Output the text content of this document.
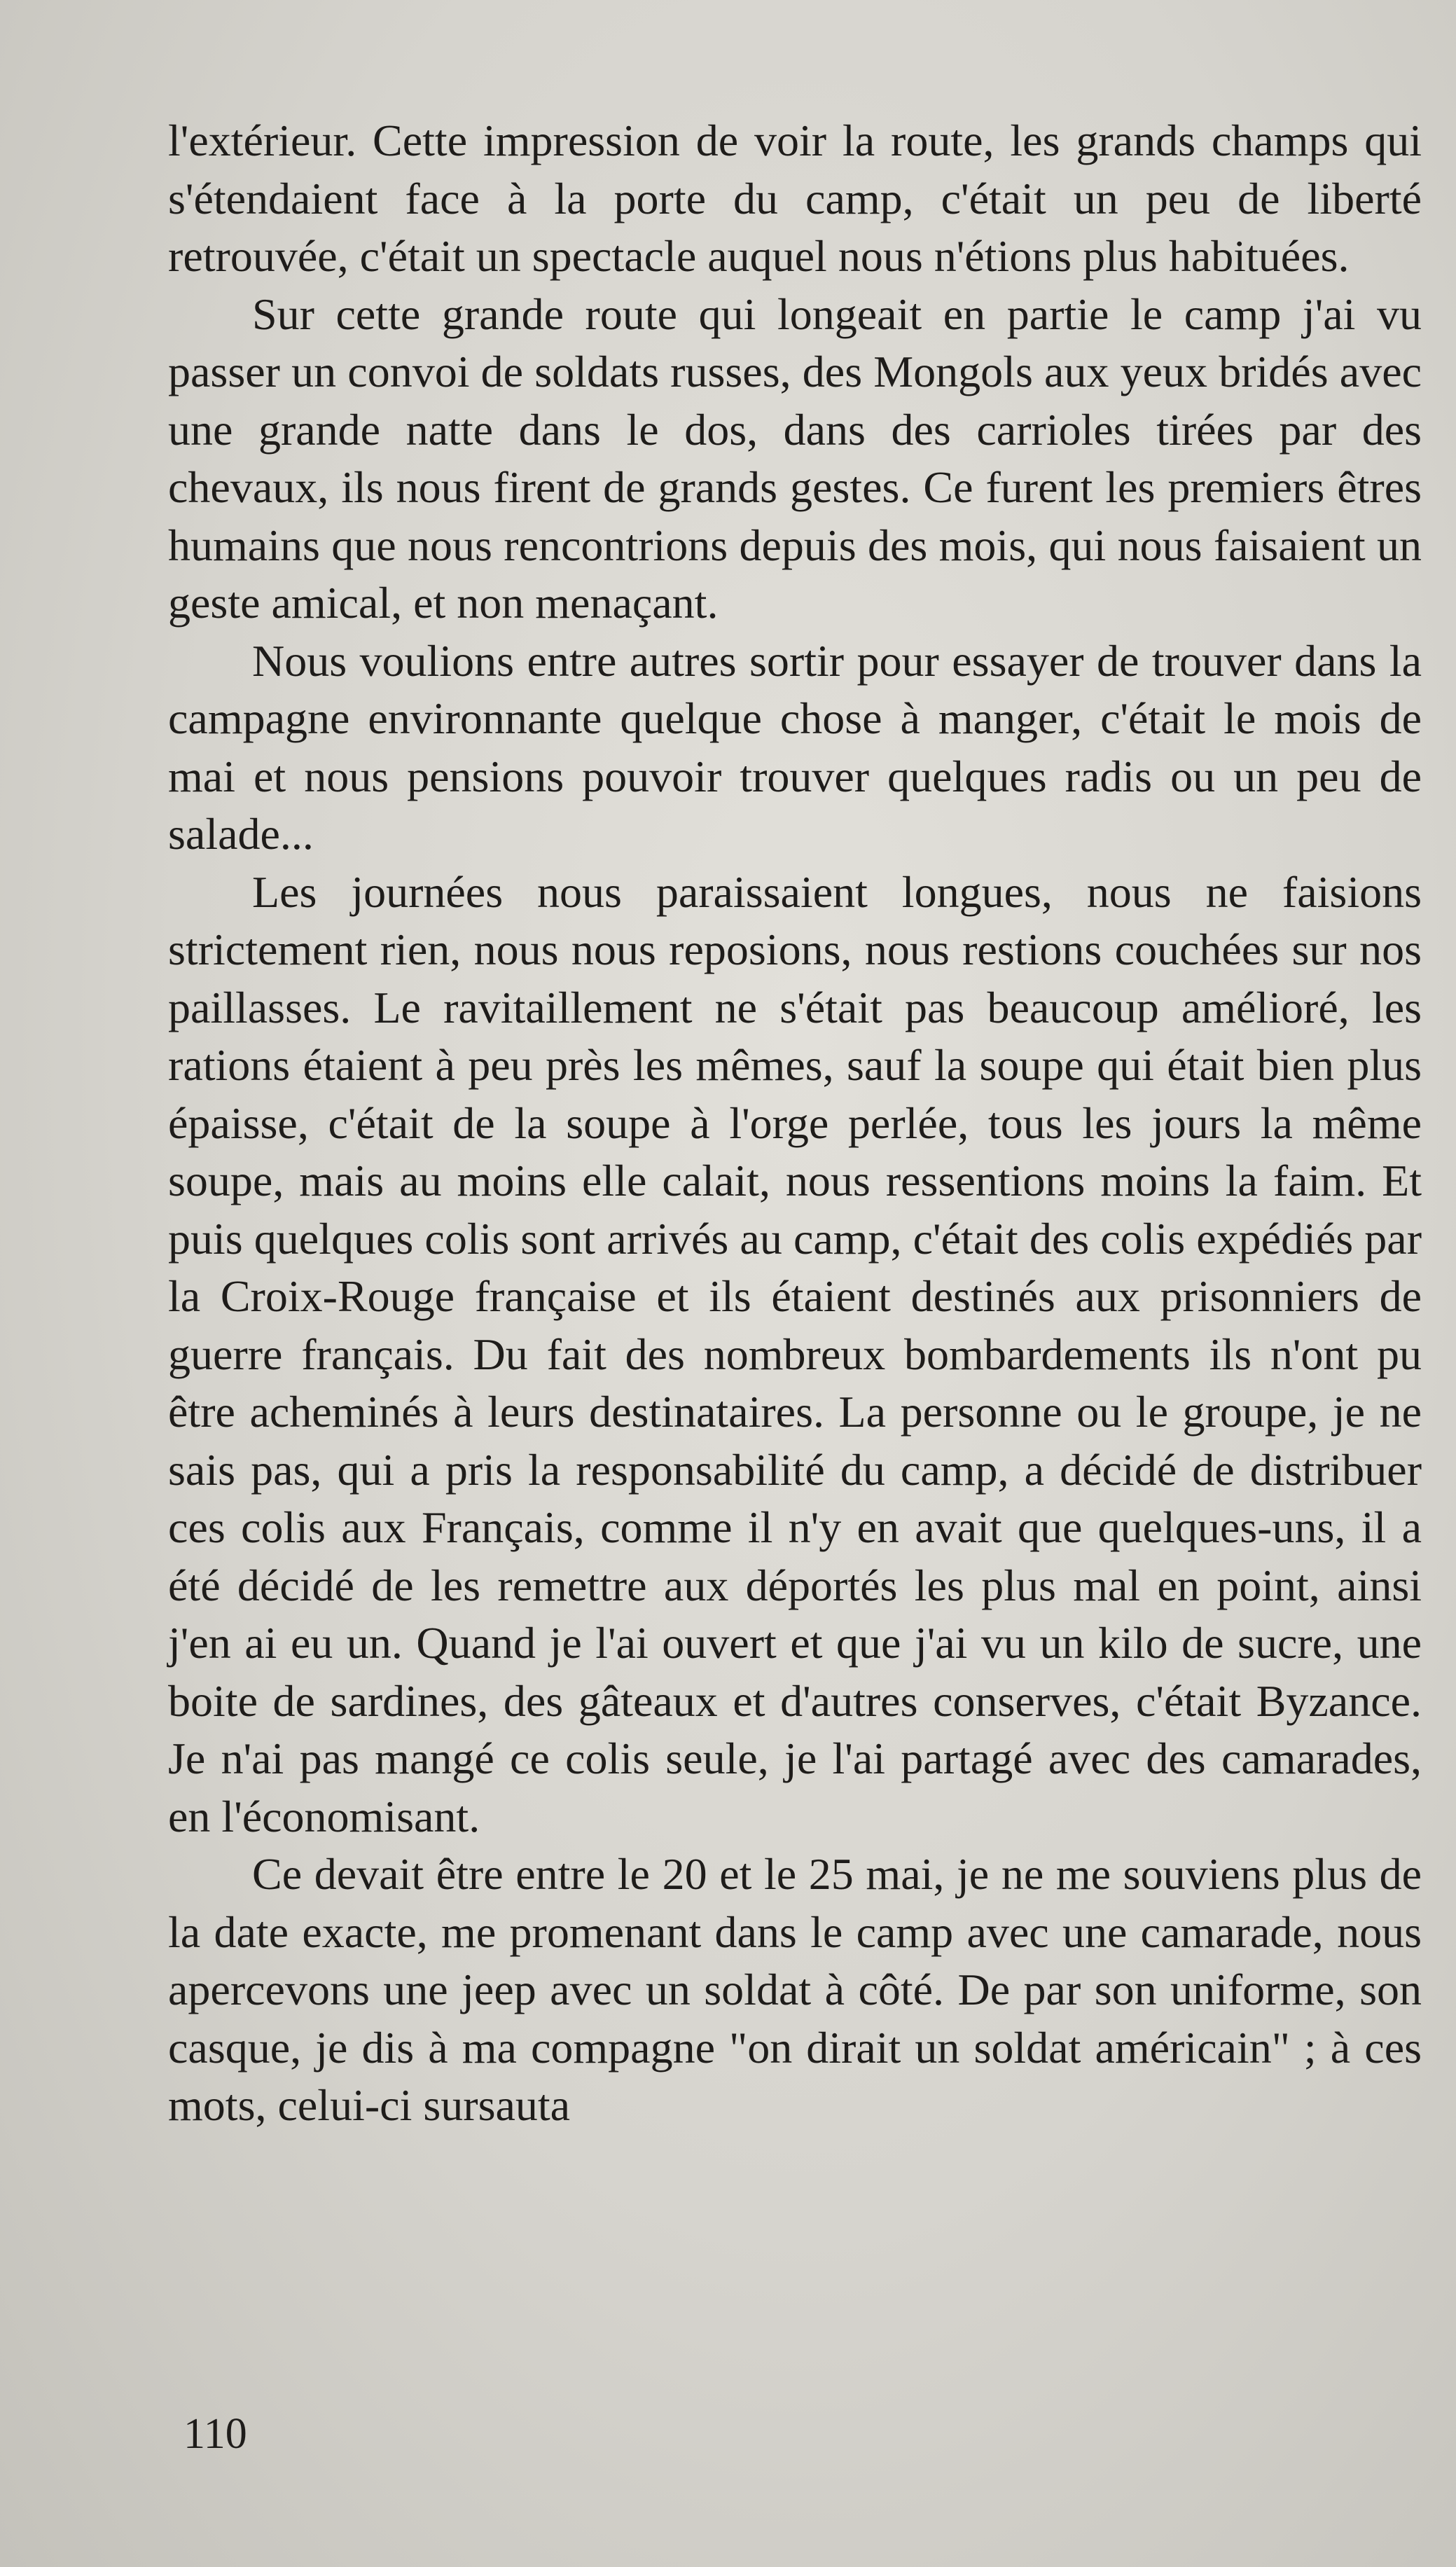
l'extérieur. Cette impression de voir la route, les grands champs qui s'étendaient face à la porte du camp, c'était un peu de liberté retrouvée, c'était un spectacle auquel nous n'étions plus habituées.

Sur cette grande route qui longeait en partie le camp j'ai vu passer un convoi de soldats russes, des Mongols aux yeux bridés avec une grande natte dans le dos, dans des carrioles tirées par des chevaux, ils nous firent de grands gestes. Ce furent les premiers êtres humains que nous rencontrions depuis des mois, qui nous faisaient un geste amical, et non menaçant.

Nous voulions entre autres sortir pour essayer de trouver dans la campagne environnante quelque chose à manger, c'était le mois de mai et nous pensions pouvoir trouver quelques radis ou un peu de salade...

Les journées nous paraissaient longues, nous ne faisions strictement rien, nous nous reposions, nous restions couchées sur nos paillasses. Le ravitaillement ne s'était pas beaucoup amélioré, les rations étaient à peu près les mêmes, sauf la soupe qui était bien plus épaisse, c'était de la soupe à l'orge perlée, tous les jours la même soupe, mais au moins elle calait, nous ressentions moins la faim. Et puis quelques colis sont arrivés au camp, c'était des colis expédiés par la Croix-Rouge française et ils étaient destinés aux prisonniers de guerre français. Du fait des nombreux bombardements ils n'ont pu être acheminés à leurs destinataires. La personne ou le groupe, je ne sais pas, qui a pris la responsabilité du camp, a décidé de distribuer ces colis aux Français, comme il n'y en avait que quelques-uns, il a été décidé de les remettre aux déportés les plus mal en point, ainsi j'en ai eu un. Quand je l'ai ouvert et que j'ai vu un kilo de sucre, une boite de sardines, des gâteaux et d'autres conserves, c'était Byzance. Je n'ai pas mangé ce colis seule, je l'ai partagé avec des camarades, en l'économisant.

Ce devait être entre le 20 et le 25 mai, je ne me souviens plus de la date exacte, me promenant dans le camp avec une camarade, nous apercevons une jeep avec un soldat à côté. De par son uniforme, son casque, je dis à ma compagne "on dirait un soldat américain" ; à ces mots, celui-ci sursauta

110
